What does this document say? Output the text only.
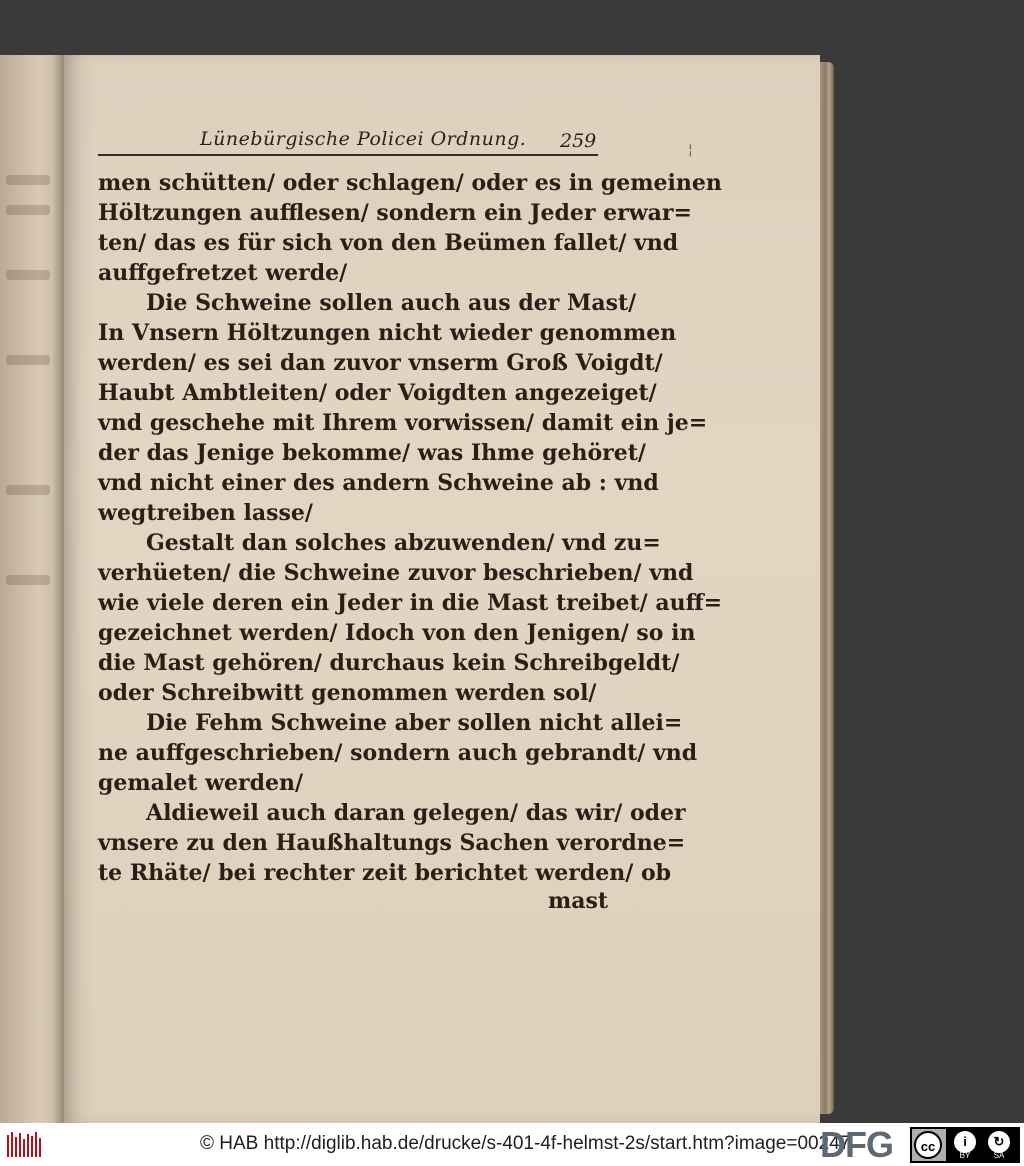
¦
Lünebürgische Policei Ordnung. 259
men schütten/ oder schlagen/ oder es in gemeinen
Höltzungen aufflesen/ sondern ein Jeder erwar=
ten/ das es für sich von den Beümen fallet/ vnd
auffgefretzet werde/
Die Schweine sollen auch aus der Mast/
In Vnsern Höltzungen nicht wieder genommen
werden/ es sei dan zuvor vnserm Groß Voigdt/
Haubt Ambtleiten/ oder Voigdten angezeiget/
vnd geschehe mit Ihrem vorwissen/ damit ein je=
der das Jenige bekomme/ was Ihme gehöret/
vnd nicht einer des andern Schweine ab : vnd
wegtreiben lasse/
Gestalt dan solches abzuwenden/ vnd zu=
verhüeten/ die Schweine zuvor beschrieben/ vnd
wie viele deren ein Jeder in die Mast treibet/ auff=
gezeichnet werden/ Idoch von den Jenigen/ so in
die Mast gehören/ durchaus kein Schreibgeldt/
oder Schreibwitt genommen werden sol/
Die Fehm Schweine aber sollen nicht allei=
ne auffgeschrieben/ sondern auch gebrandt/ vnd
gemalet werden/
Aldieweil auch daran gelegen/ das wir/ oder
vnsere zu den Haußhaltungs Sachen verordne=
te Rhäte/ bei rechter zeit berichtet werden/ ob
mast
© HAB http://diglib.hab.de/drucke/s-401-4f-helmst-2s/start.htm?image=00247
DFG	cc	i	↻
BY	SA
